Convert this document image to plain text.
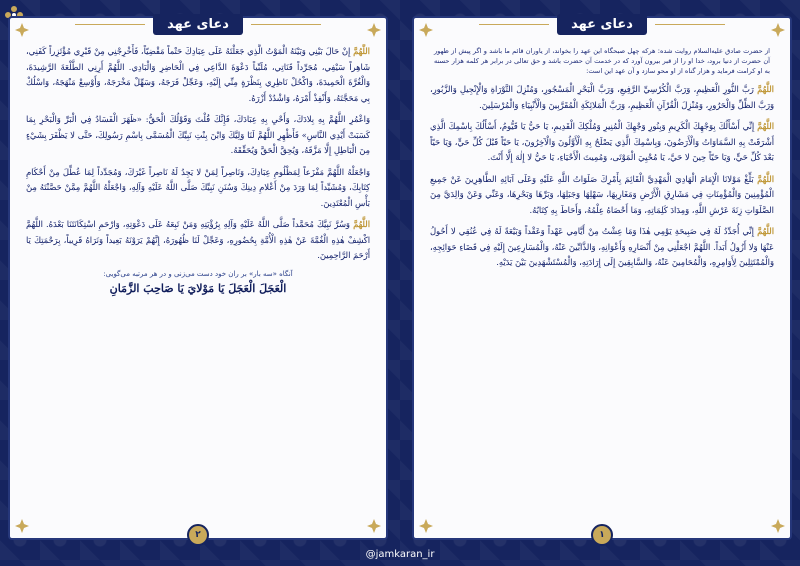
دعای عهد

اللَّهُمَّ إِنْ حَالَ بَيْنِي وَبَيْنَهُ الْمَوْتُ الَّذِي جَعَلْتَهُ عَلَى عِبَادِكَ حَتْماً مَقْضِيّاً، فَأَخْرِجْنِي مِنْ قَبْرِي مُؤْتَزِراً كَفَنِي، شَاهِراً سَيْفِي، مُجَرِّداً قَنَاتِي، مُلَبِّياً دَعْوَةَ الدَّاعِي فِي الْحَاضِرِ وَالْبَادِي. اللَّهُمَّ أَرِنِي الطَّلْعَةَ الرَّشِيدَةَ، وَالْغُرَّةَ الْحَمِيدَةَ، وَاكْحُلْ نَاظِرِي بِنَظْرَةٍ مِنِّي إِلَيْهِ، وَعَجِّلْ فَرَجَهُ، وَسَهِّلْ مَخْرَجَهُ، وَأَوْسِعْ مَنْهَجَهُ، وَاسْلُكْ بِي مَحَجَّتَهُ، وَأَنْفِذْ أَمْرَهُ، وَاشْدُدْ أَزْرَهُ.

وَاعْمُرِ اللَّهُمَّ بِهِ بِلادَكَ، وَأَحْيِ بِهِ عِبَادَكَ، فَإِنَّكَ قُلْتَ وَقَوْلُكَ الْحَقُّ: «ظَهَرَ الْفَسَادُ فِي الْبَرِّ وَالْبَحْرِ بِمَا كَسَبَتْ أَيْدِي النَّاسِ» فَأَظْهِرِ اللَّهُمَّ لَنَا وَلِيَّكَ وَابْنَ بِنْتِ نَبِيِّكَ الْمُسَمَّى بِاسْمِ رَسُولِكَ، حَتَّى لا يَظْفَرَ بِشَيْءٍ مِنَ الْبَاطِلِ إِلَّا مَزَّقَهُ، وَيُحِقَّ الْحَقَّ وَيُحَقِّقَهُ.

وَاجْعَلْهُ اللَّهُمَّ مَفْزَعاً لِمَظْلُومِ عِبَادِكَ، وَنَاصِراً لِمَنْ لا يَجِدُ لَهُ نَاصِراً غَيْرَكَ، وَمُجَدِّداً لِمَا عُطِّلَ مِنْ أَحْكَامِ كِتَابِكَ، وَمُشَيِّداً لِمَا وَرَدَ مِنْ أَعْلامِ دِينِكَ وَسُنَنِ نَبِيِّكَ صَلَّى اللَّهُ عَلَيْهِ وَآلِهِ، وَاجْعَلْهُ اللَّهُمَّ مِمَّنْ حَصَّنْتَهُ مِنْ بَأْسِ الْمُعْتَدِينَ.

اللَّهُمَّ وَسُرَّ نَبِيَّكَ مُحَمَّداً صَلَّى اللَّهُ عَلَيْهِ وَآلِهِ بِرُؤْيَتِهِ وَمَنْ تَبِعَهُ عَلَى دَعْوَتِهِ، وَارْحَمِ اسْتِكَانَتَنَا بَعْدَهُ. اللَّهُمَّ اكْشِفْ هٰذِهِ الْغُمَّةَ عَنْ هٰذِهِ الْأُمَّةِ بِحُضُورِهِ، وَعَجِّلْ لَنَا ظُهُورَهُ، إِنَّهُمْ يَرَوْنَهُ بَعِيداً وَنَرَاهُ قَرِيباً، بِرَحْمَتِكَ يَا أَرْحَمَ الرَّاحِمِينَ.

آنگاه «سه بار» بر ران خود دست می‌زنی و در هر مرتبه می‌گویی:
الْعَجَلَ الْعَجَلَ يَا مَوْلايَ يَا صَاحِبَ الزَّمَانِ
۲
دعای عهد
از حضرت صادق علیه‌السلام روایت شده: هرکه چهل صبحگاه این عهد را بخواند، از یاوران قائم ما باشد و اگر پیش از ظهور آن حضرت از دنیا برود، خدا او را از قبر بیرون آورد که در خدمت آن حضرت باشد و حق تعالی در برابر هر کلمه هزار حسنه به او کرامت فرماید و هزار گناه از او محو سازد و آن عهد این است:

اللَّهُمَّ رَبَّ النُّورِ الْعَظِيمِ، وَرَبَّ الْكُرْسِيِّ الرَّفِيعِ، وَرَبَّ الْبَحْرِ الْمَسْجُورِ، وَمُنْزِلَ التَّوْرَاةِ وَالْإِنْجِيلِ وَالزَّبُورِ، وَرَبَّ الظِّلِّ وَالْحَرُورِ، وَمُنْزِلَ الْقُرْآنِ الْعَظِيمِ، وَرَبَّ الْمَلائِكَةِ الْمُقَرَّبِينَ وَالْأَنْبِيَاءِ وَالْمُرْسَلِينَ.

اللَّهُمَّ إِنِّي أَسْأَلُكَ بِوَجْهِكَ الْكَرِيمِ وَبِنُورِ وَجْهِكَ الْمُنِيرِ وَمُلْكِكَ الْقَدِيمِ، يَا حَيُّ يَا قَيُّومُ، أَسْأَلُكَ بِاسْمِكَ الَّذِي أَشْرَقَتْ بِهِ السَّمَاوَاتُ وَالْأَرَضُونَ، وَبِاسْمِكَ الَّذِي يَصْلَحُ بِهِ الْأَوَّلُونَ وَالْآخِرُونَ، يَا حَيّاً قَبْلَ كُلِّ حَيٍّ، وَيَا حَيّاً بَعْدَ كُلِّ حَيٍّ، وَيَا حَيّاً حِينَ لا حَيَّ، يَا مُحْيِيَ الْمَوْتَى، وَمُمِيتَ الْأَحْيَاءِ، يَا حَيُّ لا إِلٰهَ إِلَّا أَنْتَ.

اللَّهُمَّ بَلِّغْ مَوْلانَا الْإِمَامَ الْهَادِيَ الْمَهْدِيَّ الْقَائِمَ بِأَمْرِكَ صَلَوَاتُ اللَّهِ عَلَيْهِ وَعَلَى آبَائِهِ الطَّاهِرِينَ عَنْ جَمِيعِ الْمُؤْمِنِينَ وَالْمُؤْمِنَاتِ فِي مَشَارِقِ الْأَرْضِ وَمَغَارِبِهَا، سَهْلِهَا وَجَبَلِهَا، وَبَرِّهَا وَبَحْرِهَا، وَعَنِّي وَعَنْ وَالِدَيَّ مِنَ الصَّلَوَاتِ زِنَةَ عَرْشِ اللَّهِ، وَمِدَادَ كَلِمَاتِهِ، وَمَا أَحْصَاهُ عِلْمُهُ، وَأَحَاطَ بِهِ كِتَابُهُ.

اللَّهُمَّ إِنِّي أُجَدِّدُ لَهُ فِي صَبِيحَةِ يَوْمِي هٰذَا وَمَا عِشْتُ مِنْ أَيَّامِي عَهْداً وَعَقْداً وَبَيْعَةً لَهُ فِي عُنُقِي لا أَحُولُ عَنْهَا وَلا أَزُولُ أَبَداً. اللَّهُمَّ اجْعَلْنِي مِنْ أَنْصَارِهِ وَأَعْوَانِهِ، وَالذَّابِّينَ عَنْهُ، وَالْمُسَارِعِينَ إِلَيْهِ فِي قَضَاءِ حَوَائِجِهِ، وَالْمُمْتَثِلِينَ لِأَوَامِرِهِ، وَالْمُحَامِينَ عَنْهُ، وَالسَّابِقِينَ إِلَى إِرَادَتِهِ، وَالْمُسْتَشْهَدِينَ بَيْنَ يَدَيْهِ.

۱
@jamkaran_ir
